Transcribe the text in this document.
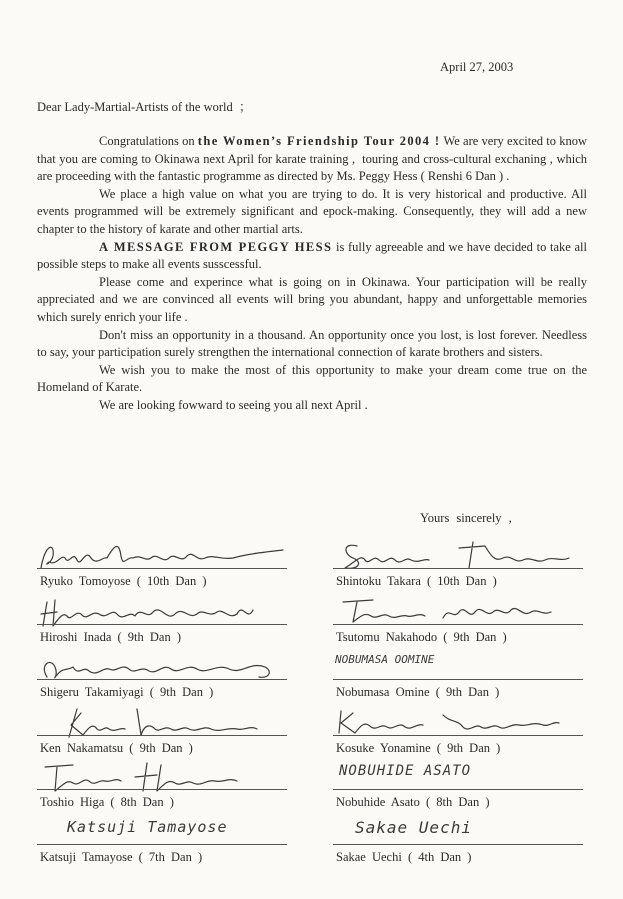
April 27, 2003
Dear Lady-Martial-Artists of the world  ；

Congratulations on the Women’s Friendship Tour 2004 ! We are very excited to know that you are coming to Okinawa next April for karate training ,  touring and cross-cultural exchaning , which are proceeding with the fantastic programme as directed by Ms. Peggy Hess ( Renshi 6 Dan ) .

We place a high value on what you are trying to do. It is very historical and productive. All events programmed will be extremely significant and epock-making. Consequently, they will add a new chapter to the history of karate and other martial arts.

A MESSAGE FROM PEGGY HESS is fully agreeable and we have decided to take all possible steps to make all events susscessful.

Please come and experince what is going on in Okinawa. Your participation will be really appreciated and we are convinced all events will bring you abundant, happy and unforgettable memories which surely enrich your life .

Don't miss an opportunity in a thousand. An opportunity once you lost, is lost forever. Needless to say, your participation surely strengthen the international connection of karate brothers and sisters.

We wish you to make the most of this opportunity to make your dream come true on the Homeland of Karate.

We are looking fowward to seeing you all next April .

Yours sincerely ,
Ryuko Tomoyose ( 10th Dan )
Hiroshi Inada ( 9th Dan )
Shigeru Takamiyagi ( 9th Dan )
Ken Nakamatsu ( 9th Dan )
Toshio Higa ( 8th Dan )
Katsuji Tamayose
Katsuji Tamayose ( 7th Dan )
Shintoku Takara ( 10th Dan )
Tsutomu Nakahodo ( 9th Dan )
NOBUMASA OOMINE
Nobumasa Omine ( 9th Dan )
Kosuke Yonamine ( 9th Dan )
NOBUHIDE ASATO
Nobuhide Asato ( 8th Dan )
Sakae Uechi
Sakae Uechi ( 4th Dan )
